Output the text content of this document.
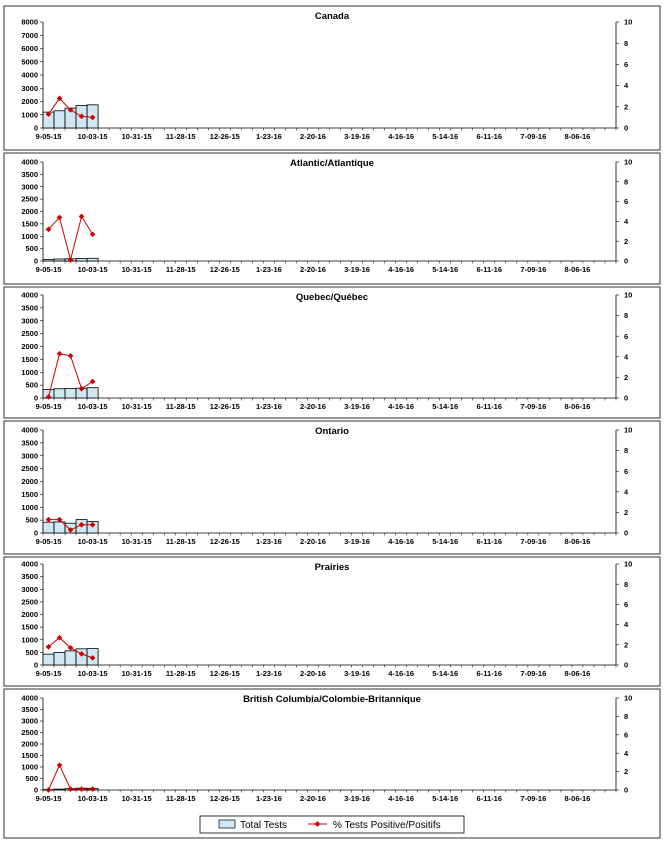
0
1000
2000
3000
4000
5000
6000
7000
8000
0
2
4
6
8
10
9-05-15 10-03-15 10-31-15 11-28-15 12-26-15 1-23-16 2-20-16 3-19-16 4-16-16 5-14-16 6-11-16 7-09-16 8-06-16
Canada
0
500
1000
1500
2000
2500
3000
3500
4000
0
2
4
6
8
10
9-05-15 10-03-15 10-31-15 11-28-15 12-26-15 1-23-16 2-20-16 3-19-16 4-16-16 5-14-16 6-11-16 7-09-16 8-06-16
Atlantic/Atlantique
0
500
1000
1500
2000
2500
3000
3500
4000
0
2
4
6
8
10
9-05-15 10-03-15 10-31-15 11-28-15 12-26-15 1-23-16 2-20-16 3-19-16 4-16-16 5-14-16 6-11-16 7-09-16 8-06-16
Quebec/Québec
0
500
1000
1500
2000
2500
3000
3500
4000
0
2
4
6
8
10
9-05-15 10-03-15 10-31-15 11-28-15 12-26-15 1-23-16 2-20-16 3-19-16 4-16-16 5-14-16 6-11-16 7-09-16 8-06-16
Ontario
0
500
1000
1500
2000
2500
3000
3500
4000
0
2
4
6
8
10
9-05-15 10-03-15 10-31-15 11-28-15 12-26-15 1-23-16 2-20-16 3-19-16 4-16-16 5-14-16 6-11-16 7-09-16 8-06-16
Prairies
0
500
1000
1500
2000
2500
3000
3500
4000
0
2
4
6
8
10
9-05-15 10-03-15 10-31-15 11-28-15 12-26-15 1-23-16 2-20-16 3-19-16 4-16-16 5-14-16 6-11-16 7-09-16 8-06-16
British Columbia/Colombie-Britannique
Total Tests	% Tests Positive/Positifs
